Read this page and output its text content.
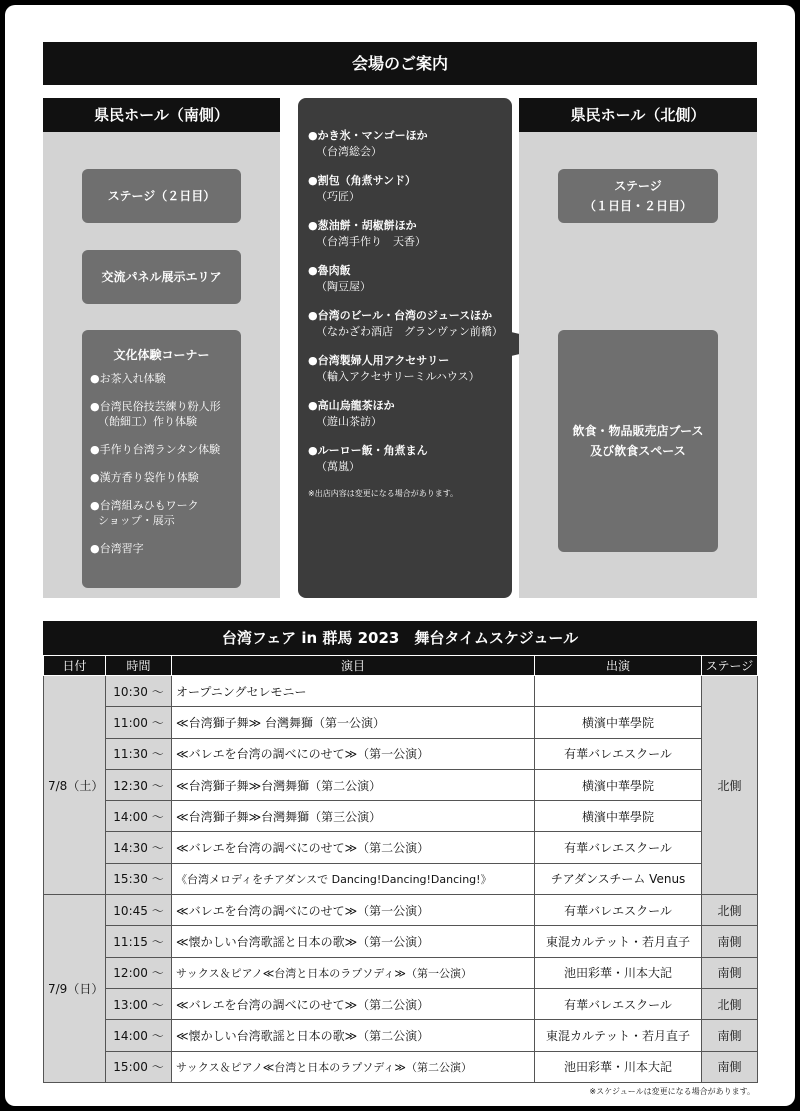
会場のご案内
県民ホール（南側）
ステージ（２日目）
交流パネル展示エリア
文化体験コーナー
●お茶入れ体験
●台湾民俗技芸練り粉人形
（飴細工）作り体験
●手作り台湾ランタン体験
●漢方香り袋作り体験
●台湾組みひもワーク
ショップ・展示
●台湾習字
●かき氷・マンゴーほか
（台湾総会）
●割包（角煮サンド）
（巧匠）
●葱油餅・胡椒餅ほか
（台湾手作り　天香）
●魯肉飯
（陶豆屋）
●台湾のビール・台湾のジュースほか
（なかざわ酒店　グランヴァン前橋）
●台湾製婦人用アクセサリー
（輸入アクセサリーミルハウス）
●高山烏龍茶ほか
（遊山茶訪）
●ルーロー飯・角煮まん
（萬嵐）
※出店内容は変更になる場合があります。
県民ホール（北側）
ステージ
（１日目・２日目）
飲食・物品販売店ブース
及び飲食スペース
台湾フェア in 群馬 2023　舞台タイムスケジュール
日付	時間	演目	出演	ステージ
7/8（土）	10:30 ～	オープニングセレモニー		北側
	11:00 ～	≪台湾獅子舞≫ 台灣舞獅（第一公演）	横濱中華學院	
	11:30 ～	≪バレエを台湾の調べにのせて≫（第一公演）	有華バレエスクール	
	12:30 ～	≪台湾獅子舞≫台灣舞獅（第二公演）	横濱中華學院	
	14:00 ～	≪台湾獅子舞≫台灣舞獅（第三公演）	横濱中華學院	
	14:30 ～	≪バレエを台湾の調べにのせて≫（第二公演）	有華バレエスクール	
	15:30 ～	《台湾メロディをチアダンスで Dancing!Dancing!Dancing!》	チアダンスチーム Venus	
7/9（日）	10:45 ～	≪バレエを台湾の調べにのせて≫（第一公演）	有華バレエスクール	北側
	11:15 ～	≪懐かしい台湾歌謡と日本の歌≫（第一公演）	東混カルテット・若月直子	南側
	12:00 ～	サックス＆ピアノ≪台湾と日本のラプソディ≫（第一公演）	池田彩華・川本大記	南側
	13:00 ～	≪バレエを台湾の調べにのせて≫（第二公演）	有華バレエスクール	北側
	14:00 ～	≪懐かしい台湾歌謡と日本の歌≫（第二公演）	東混カルテット・若月直子	南側
	15:00 ～	サックス＆ピアノ≪台湾と日本のラプソディ≫（第二公演）	池田彩華・川本大記	南側
※スケジュールは変更になる場合があります。
